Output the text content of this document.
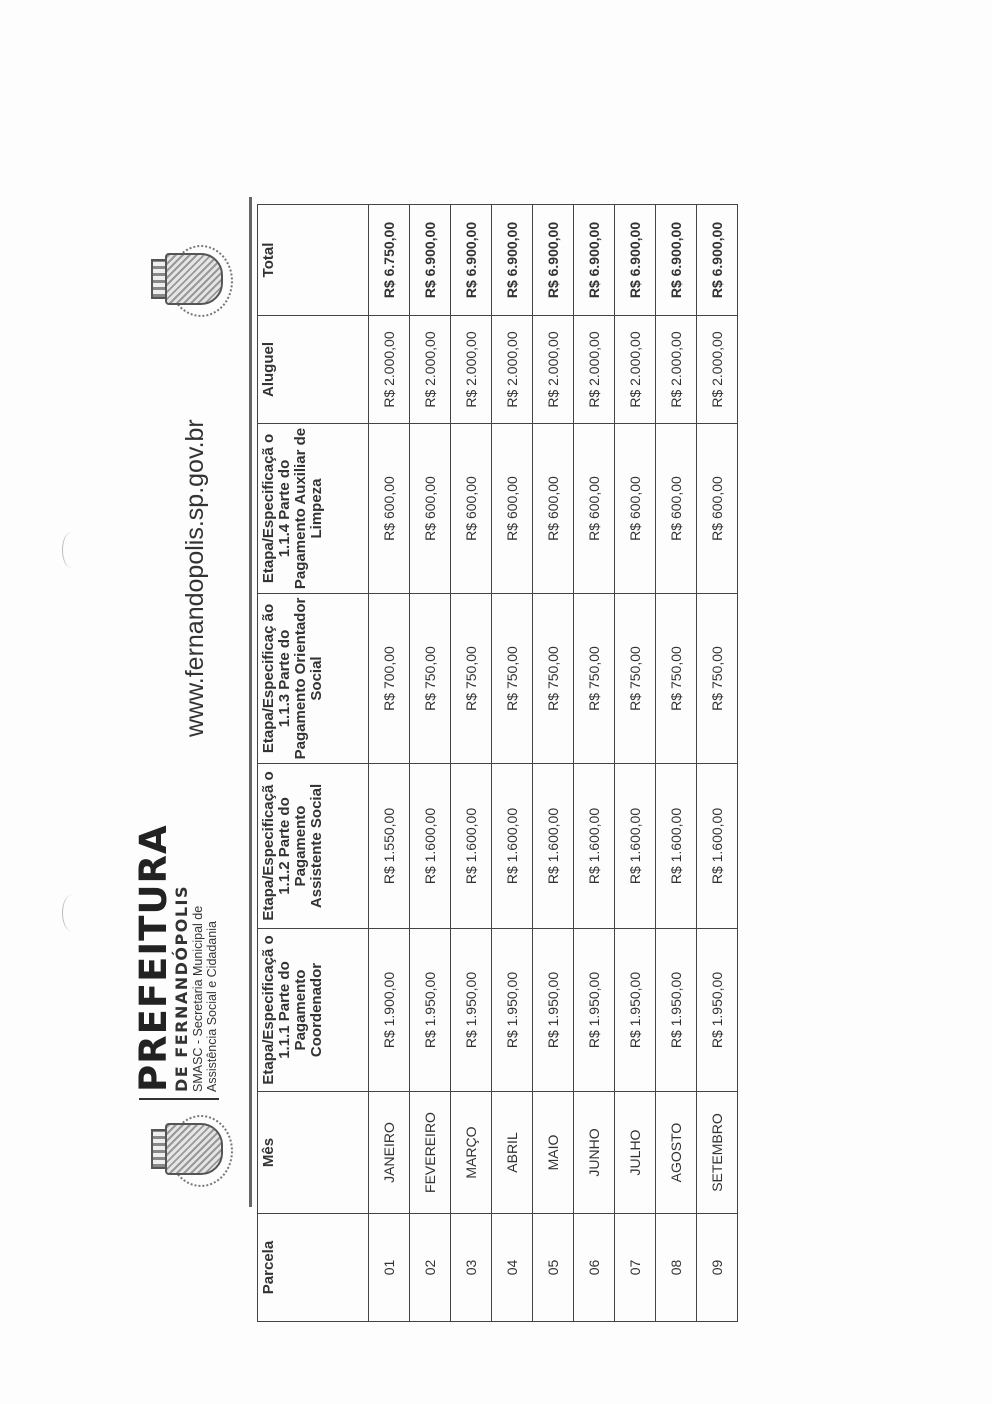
PREFEITURA
DE FERNANDÓPOLIS SMASC - Secretaria Municipal de Assistência Social e Cidadania
www.fernandopolis.sp.gov.br
Parcela	Mês	Etapa/Especificaçã o 1.1.1 Parte do Pagamento Coordenador	Etapa/Especificaçã o 1.1.2 Parte do Pagamento Assistente Social	Etapa/Especificaç ão 1.1.3 Parte do Pagamento Orientador Social	Etapa/Especificaçã o 1.1.4 Parte do Pagamento Auxiliar de Limpeza	Aluguel	Total
01	JANEIRO	R$ 1.900,00	R$ 1.550,00	R$ 700,00	R$ 600,00	R$ 2.000,00	R$ 6.750,00
02	FEVEREIRO	R$ 1.950,00	R$ 1.600,00	R$ 750,00	R$ 600,00	R$ 2.000,00	R$ 6.900,00
03	MARÇO	R$ 1.950,00	R$ 1.600,00	R$ 750,00	R$ 600,00	R$ 2.000,00	R$ 6.900,00
04	ABRIL	R$ 1.950,00	R$ 1.600,00	R$ 750,00	R$ 600,00	R$ 2.000,00	R$ 6.900,00
05	MAIO	R$ 1.950,00	R$ 1.600,00	R$ 750,00	R$ 600,00	R$ 2.000,00	R$ 6.900,00
06	JUNHO	R$ 1.950,00	R$ 1.600,00	R$ 750,00	R$ 600,00	R$ 2.000,00	R$ 6.900,00
07	JULHO	R$ 1.950,00	R$ 1.600,00	R$ 750,00	R$ 600,00	R$ 2.000,00	R$ 6.900,00
08	AGOSTO	R$ 1.950,00	R$ 1.600,00	R$ 750,00	R$ 600,00	R$ 2.000,00	R$ 6.900,00
09	SETEMBRO	R$ 1.950,00	R$ 1.600,00	R$ 750,00	R$ 600,00	R$ 2.000,00	R$ 6.900,00
